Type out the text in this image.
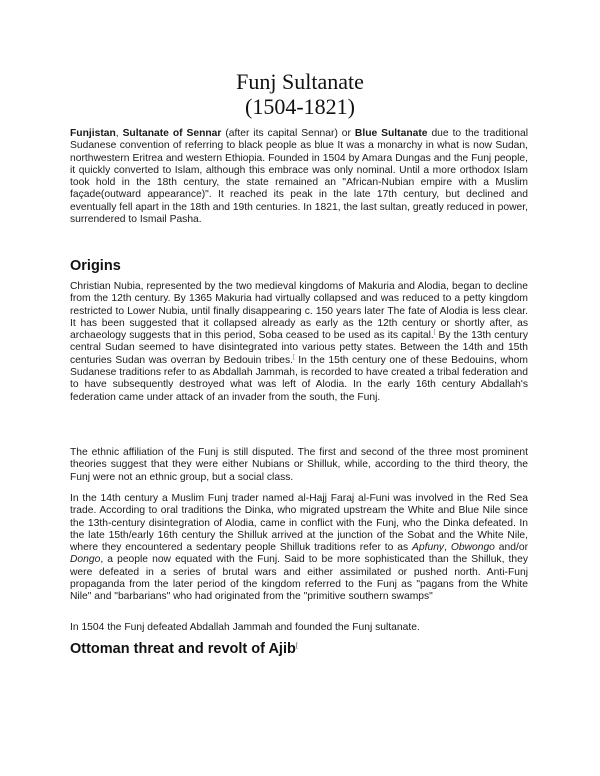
Funj Sultanate
(1504-1821)

Funjistan, Sultanate of Sennar (after its capital Sennar) or Blue Sultanate due to the traditional Sudanese convention of referring to black people as blue It was a monarchy in what is now Sudan, northwestern Eritrea and western Ethiopia. Founded in 1504 by Amara Dungas and the Funj people, it quickly converted to Islam, although this embrace was only nominal. Until a more orthodox Islam took hold in the 18th century, the state remained an "African-Nubian empire with a Muslim façade(outward appearance)". It reached its peak in the late 17th century, but declined and eventually fell apart in the 18th and 19th centuries. In 1821, the last sultan, greatly reduced in power, surrendered to Ismail Pasha.

Origins

Christian Nubia, represented by the two medieval kingdoms of Makuria and Alodia, began to decline from the 12th century. By 1365 Makuria had virtually collapsed and was reduced to a petty kingdom restricted to Lower Nubia, until finally disappearing c. 150 years later The fate of Alodia is less clear. It has been suggested that it collapsed already as early as the 12th century or shortly after, as archaeology suggests that in this period, Soba ceased to be used as its capital.[ By the 13th century central Sudan seemed to have disintegrated into various petty states. Between the 14th and 15th centuries Sudan was overran by Bedouin tribes.[ In the 15th century one of these Bedouins, whom Sudanese traditions refer to as Abdallah Jammah, is recorded to have created a tribal federation and to have subsequently destroyed what was left of Alodia. In the early 16th century Abdallah's federation came under attack of an invader from the south, the Funj.

The ethnic affiliation of the Funj is still disputed. The first and second of the three most prominent theories suggest that they were either Nubians or Shilluk, while, according to the third theory, the Funj were not an ethnic group, but a social class.

In the 14th century a Muslim Funj trader named al-Hajj Faraj al-Funi was involved in the Red Sea trade. According to oral traditions the Dinka, who migrated upstream the White and Blue Nile since the 13th-century disintegration of Alodia, came in conflict with the Funj, who the Dinka defeated. In the late 15th/early 16th century the Shilluk arrived at the junction of the Sobat and the White Nile, where they encountered a sedentary people Shilluk traditions refer to as Apfuny, Obwongo and/or Dongo, a people now equated with the Funj. Said to be more sophisticated than the Shilluk, they were defeated in a series of brutal wars and either assimilated or pushed north. Anti-Funj propaganda from the later period of the kingdom referred to the Funj as "pagans from the White Nile" and "barbarians" who had originated from the "primitive southern swamps"

In 1504 the Funj defeated Abdallah Jammah and founded the Funj sultanate.

Ottoman threat and revolt of Ajib[
